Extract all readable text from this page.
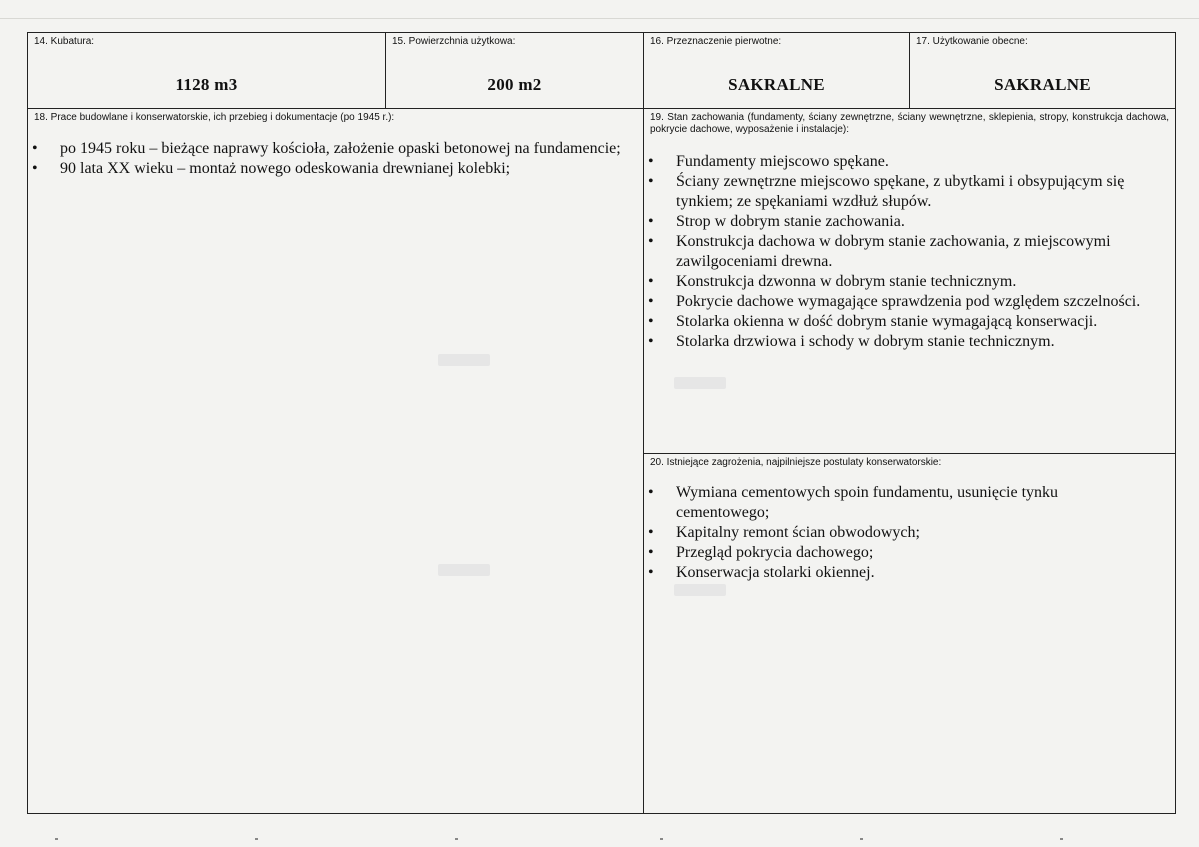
14. Kubatura:
1128 m3
15. Powierzchnia użytkowa:
200 m2
16. Przeznaczenie pierwotne:
SAKRALNE
17. Użytkowanie obecne:
SAKRALNE
18. Prace budowlane i konserwatorskie, ich przebieg i dokumentacje (po 1945 r.):
• po 1945 roku – bieżące naprawy kościoła, założenie opaski betonowej na fundamencie;
• 90 lata XX wieku – montaż nowego odeskowania drewnianej kolebki;
19. Stan zachowania (fundamenty, ściany zewnętrzne, ściany wewnętrzne, sklepienia, stropy, konstrukcja dachowa, pokrycie dachowe, wyposażenie i instalacje):
• Fundamenty miejscowo spękane.
• Ściany zewnętrzne miejscowo spękane, z ubytkami i obsypującym się tynkiem; ze spękaniami wzdłuż słupów.
• Strop w dobrym stanie zachowania.
• Konstrukcja dachowa w dobrym stanie zachowania, z miejscowymi zawilgoceniami drewna.
• Konstrukcja dzwonna w dobrym stanie technicznym.
• Pokrycie dachowe wymagające sprawdzenia pod względem szczelności.
• Stolarka okienna w dość dobrym stanie wymagającą konserwacji.
• Stolarka drzwiowa i schody w dobrym stanie technicznym.
20. Istniejące zagrożenia, najpilniejsze postulaty konserwatorskie:
• Wymiana cementowych spoin fundamentu, usunięcie tynku cementowego;
• Kapitalny remont ścian obwodowych;
• Przegląd pokrycia dachowego;
• Konserwacja stolarki okiennej.
